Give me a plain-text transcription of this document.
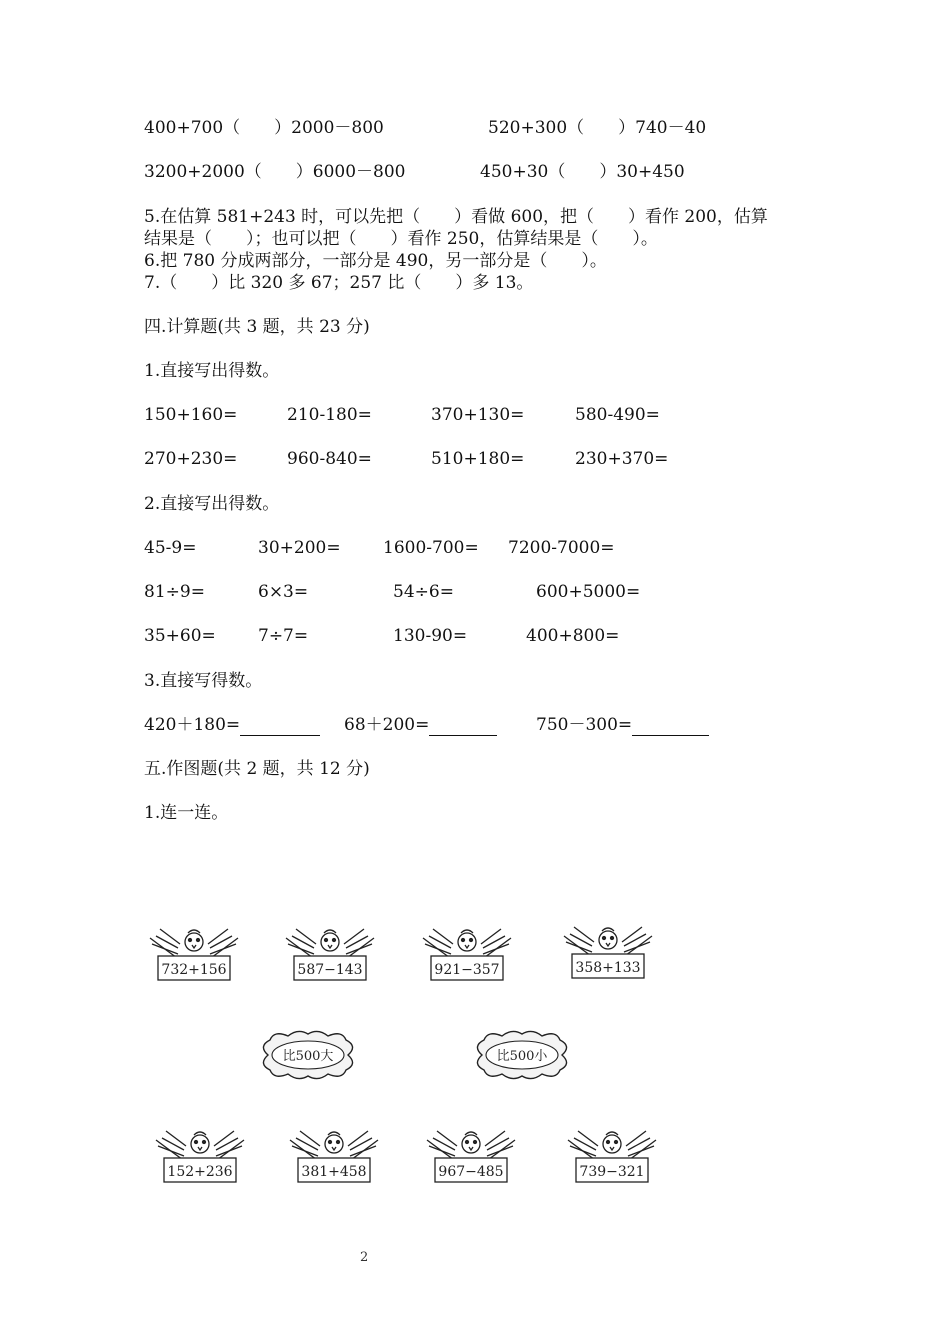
400+700（　　）2000－800	520+300（　　）740－40
3200+2000（　　）6000－800	450+30（　　）30+450
5.在估算 581+243 时，可以先把（　　）看做 600，把（　　）看作 200，估算
结果是（　　）；也可以把（　　）看作 250，估算结果是（　　）。
6.把 780 分成两部分，一部分是 490，另一部分是（　　）。
7.（　　）比 320 多 67；257 比（　　）多 13。
四.计算题(共 3 题，共 23 分)
1.直接写出得数。
150+160=	210-180=	370+130=	580-490=
270+230=	960-840=	510+180=	230+370=
2.直接写出得数。
45-9=	30+200= 1600-700= 7200-7000=
81÷9=	6×3=	54÷6=	600+5000=
35+60= 7÷7=	130-90=	400+800=
3.直接写得数。
420＋180=	68＋200=	750－300=
五.作图题(共 2 题，共 12 分)
1.连一连。
732+156	587−143	921−357	358+133
比500大	比500小
152+236	381+458	967−485	739−321
2
